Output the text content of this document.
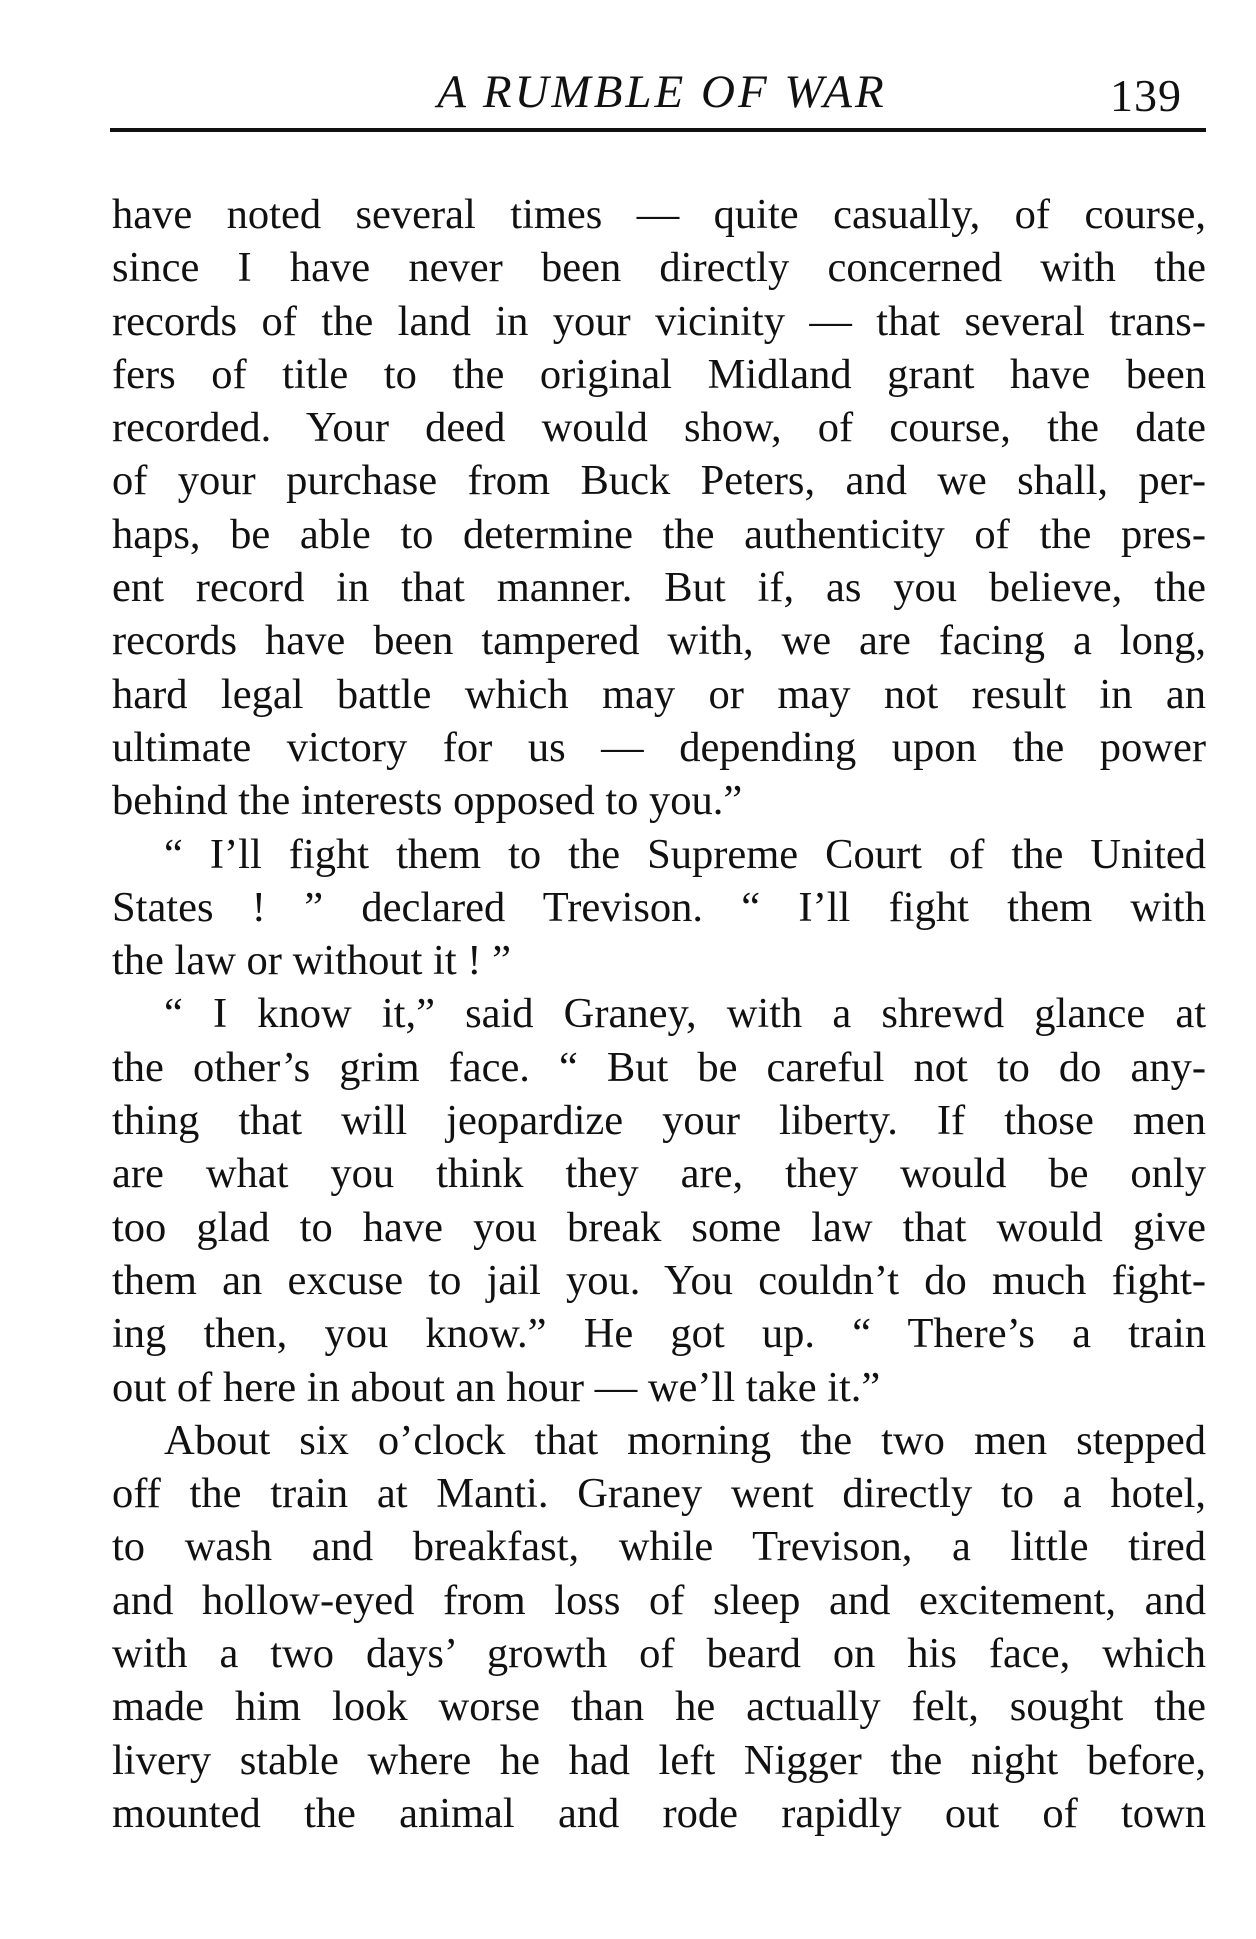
A RUMBLE OF WAR	139
have noted several times — quite casually, of course,
since I have never been directly concerned with the
records of the land in your vicinity — that several trans-
fers of title to the original Midland grant have been
recorded. Your deed would show, of course, the date
of your purchase from Buck Peters, and we shall, per-
haps, be able to determine the authenticity of the pres-
ent record in that manner. But if, as you believe, the
records have been tampered with, we are facing a long,
hard legal battle which may or may not result in an
ultimate victory for us — depending upon the power
behind the interests opposed to you.”
“ I’ll fight them to the Supreme Court of the United
States ! ” declared Trevison. “ I’ll fight them with
the law or without it ! ”
“ I know it,” said Graney, with a shrewd glance at
the other’s grim face. “ But be careful not to do any-
thing that will jeopardize your liberty. If those men
are what you think they are, they would be only
too glad to have you break some law that would give
them an excuse to jail you. You couldn’t do much fight-
ing then, you know.” He got up. “ There’s a train
out of here in about an hour — we’ll take it.”
About six o’clock that morning the two men stepped
off the train at Manti. Graney went directly to a hotel,
to wash and breakfast, while Trevison, a little tired
and hollow-eyed from loss of sleep and excitement, and
with a two days’ growth of beard on his face, which
made him look worse than he actually felt, sought the
livery stable where he had left Nigger the night before,
mounted the animal and rode rapidly out of town
